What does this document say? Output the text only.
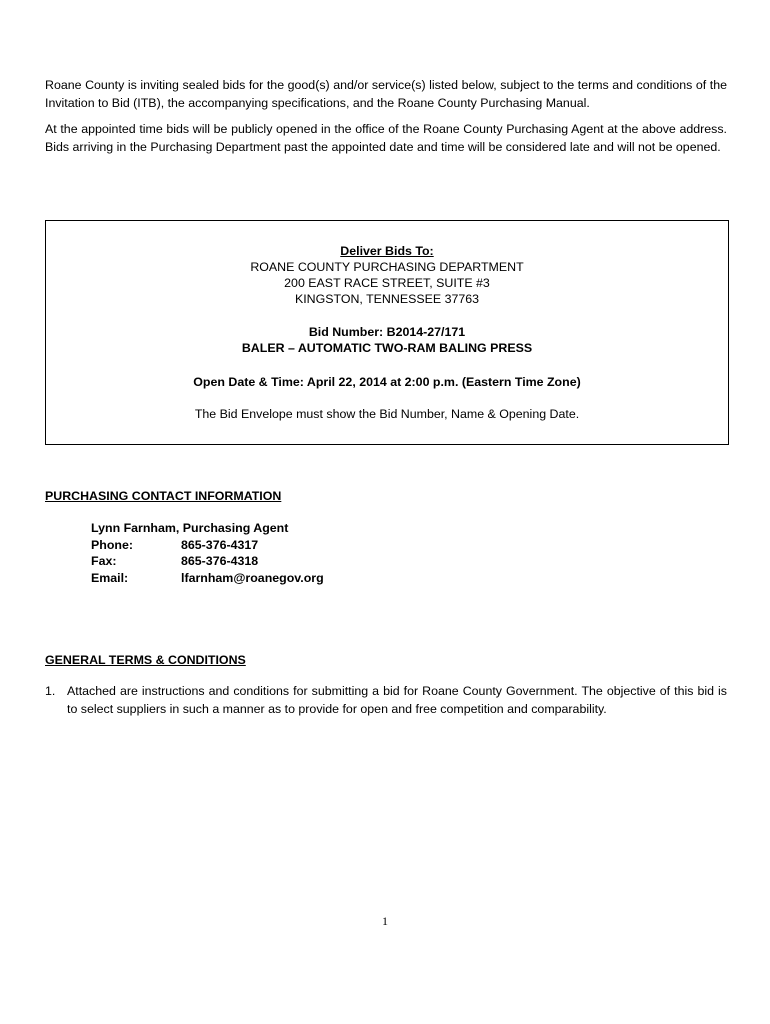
Roane County is inviting sealed bids for the good(s) and/or service(s) listed below, subject to the terms and conditions of the Invitation to Bid (ITB), the accompanying specifications, and the Roane County Purchasing Manual.

At the appointed time bids will be publicly opened in the office of the Roane County Purchasing Agent at the above address. Bids arriving in the Purchasing Department past the appointed date and time will be considered late and will not be opened.

Deliver Bids To:
ROANE COUNTY PURCHASING DEPARTMENT
200 EAST RACE STREET, SUITE #3
KINGSTON, TENNESSEE 37763
Bid Number: B2014-27/171
BALER – AUTOMATIC TWO-RAM BALING PRESS
Open Date & Time: April 22, 2014 at 2:00 p.m. (Eastern Time Zone)
The Bid Envelope must show the Bid Number, Name & Opening Date.
PURCHASING CONTACT INFORMATION
Lynn Farnham, Purchasing Agent
Phone:	865-376-4317
Fax:	865-376-4318
Email:	lfarnham@roanegov.org
GENERAL TERMS & CONDITIONS
1. Attached are instructions and conditions for submitting a bid for Roane County Government. The objective of this bid is to select suppliers in such a manner as to provide for open and free competition and comparability.
1
